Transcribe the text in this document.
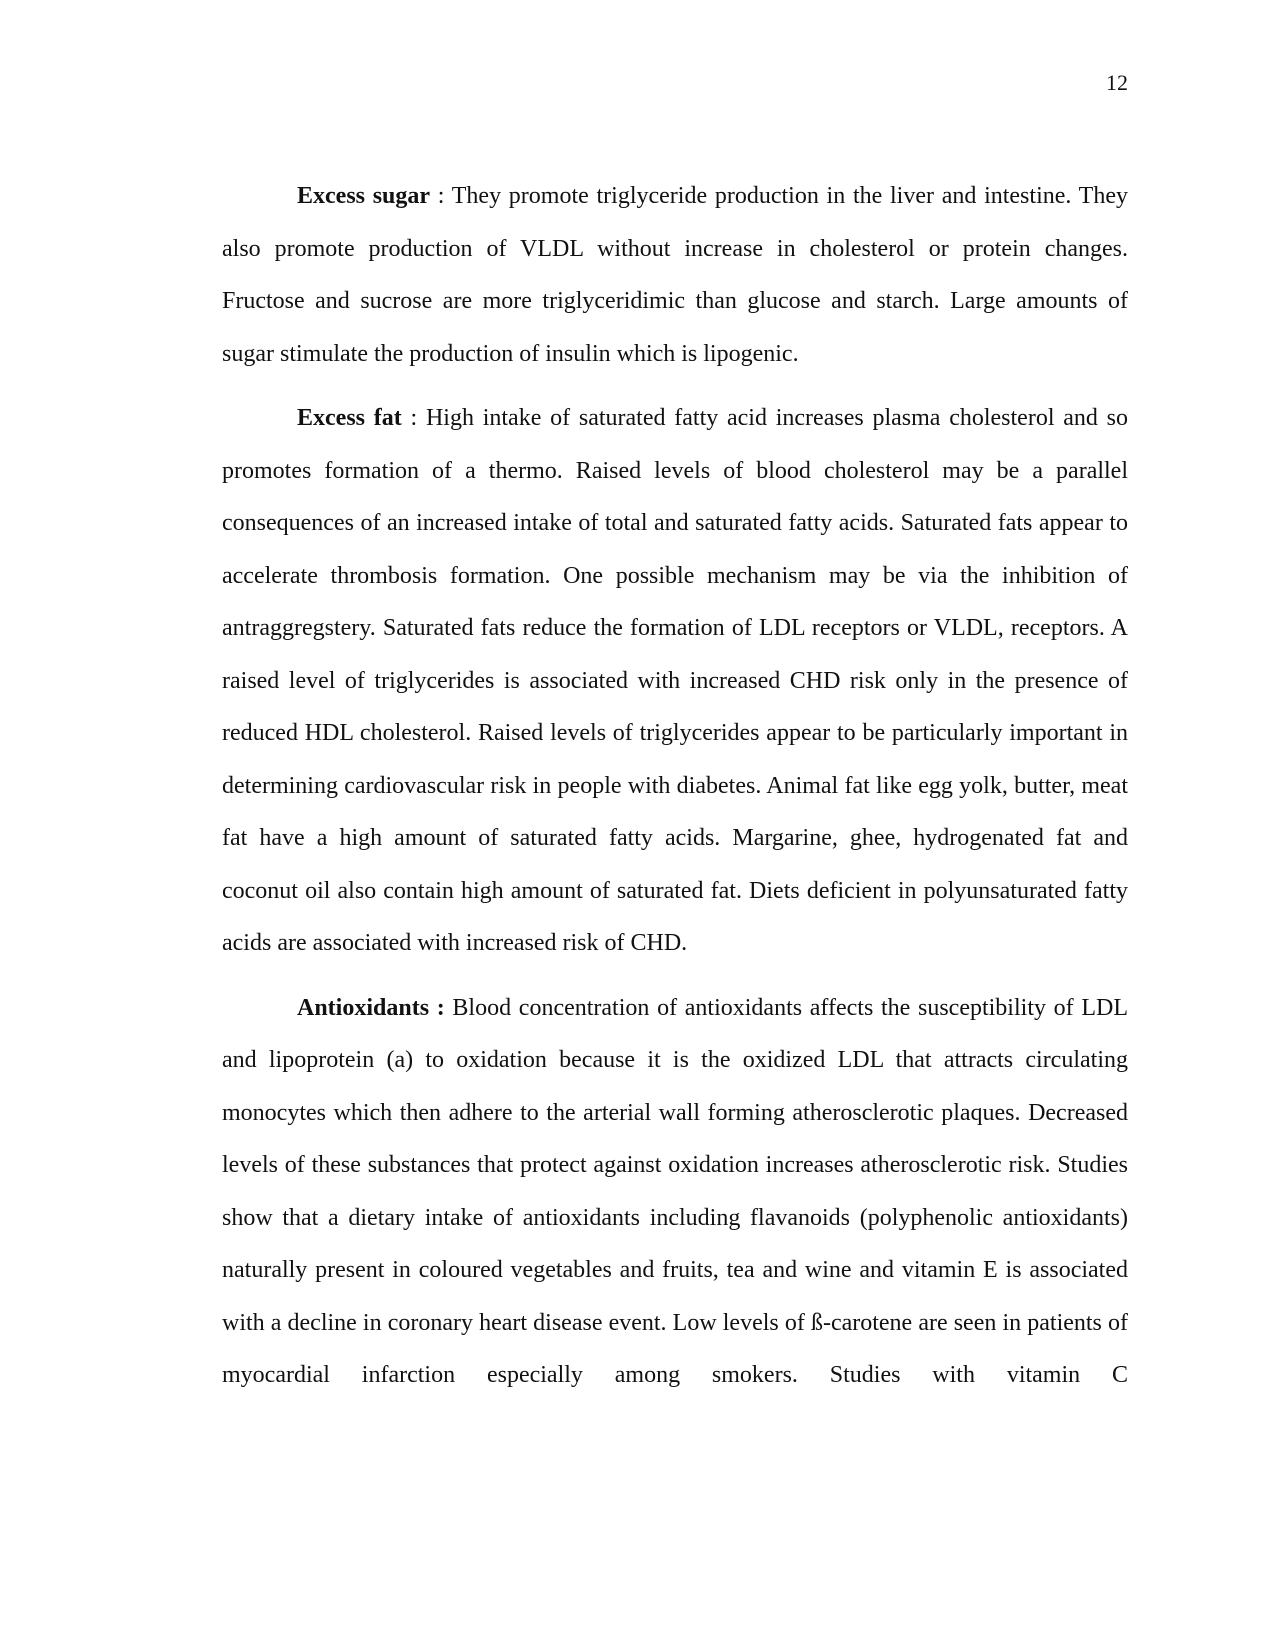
12

Excess sugar : They promote triglyceride production in the liver and intestine. They also promote production of VLDL without increase in cholesterol or protein changes. Fructose and sucrose are more triglyceridimic than glucose and starch. Large amounts of sugar stimulate the production of insulin which is lipogenic.

Excess fat : High intake of saturated fatty acid increases plasma cholesterol and so promotes formation of a thermo. Raised levels of blood cholesterol may be a parallel consequences of an increased intake of total and saturated fatty acids. Saturated fats appear to accelerate thrombosis formation. One possible mechanism may be via the inhibition of antraggregstery. Saturated fats reduce the formation of LDL receptors or VLDL, receptors. A raised level of triglycerides is associated with increased CHD risk only in the presence of reduced HDL cholesterol. Raised levels of triglycerides appear to be particularly important in determining cardiovascular risk in people with diabetes. Animal fat like egg yolk, butter, meat fat have a high amount of saturated fatty acids. Margarine, ghee, hydrogenated fat and coconut oil also contain high amount of saturated fat. Diets deficient in polyunsaturated fatty acids are associated with increased risk of CHD.

Antioxidants : Blood concentration of antioxidants affects the susceptibility of LDL and lipoprotein (a) to oxidation because it is the oxidized LDL that attracts circulating monocytes which then adhere to the arterial wall forming atherosclerotic plaques. Decreased levels of these substances that protect against oxidation increases atherosclerotic risk. Studies show that a dietary intake of antioxidants including flavanoids (polyphenolic antioxidants) naturally present in coloured vegetables and fruits, tea and wine and vitamin E is associated with a decline in coronary heart disease event. Low levels of ß-carotene are seen in patients of myocardial infarction especially among smokers. Studies with vitamin C
